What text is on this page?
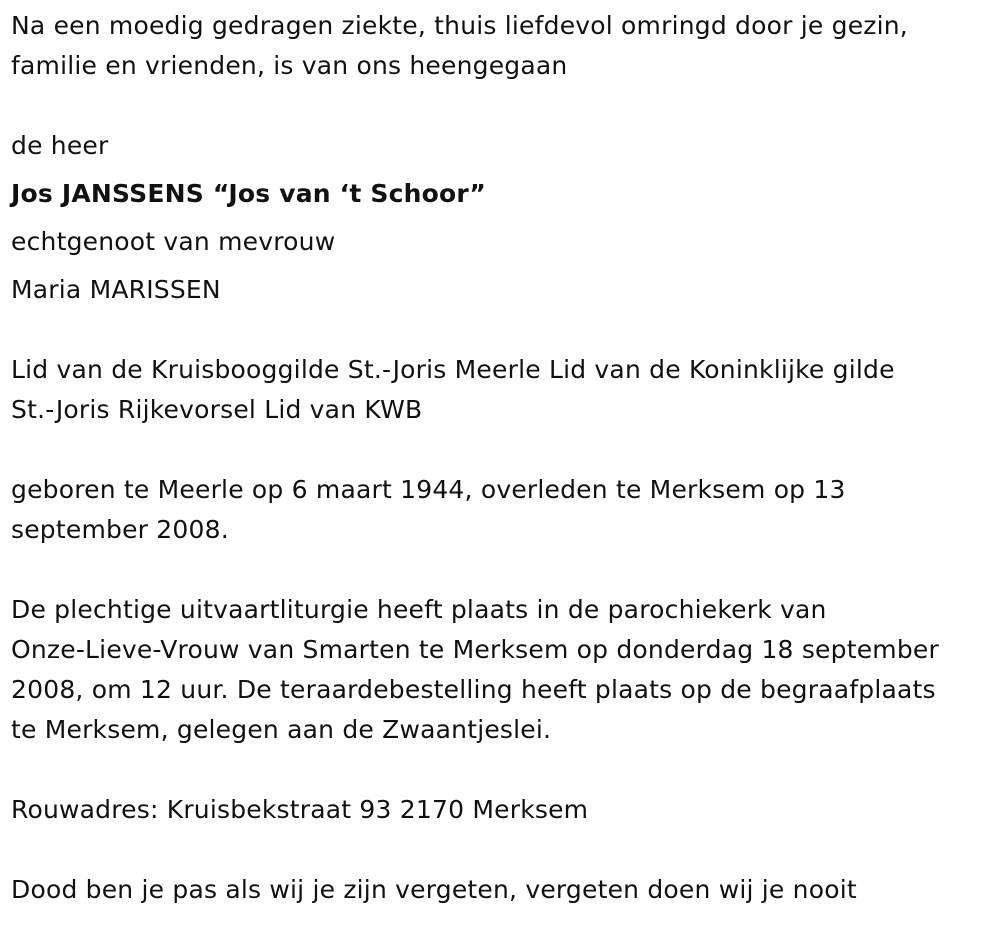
Na een moedig gedragen ziekte, thuis liefdevol omringd door je gezin,
familie en vrienden, is van ons heengegaan
de heer
Jos JANSSENS “Jos van ‘t Schoor”
echtgenoot van mevrouw
Maria MARISSEN
Lid van de Kruisbooggilde St.-Joris Meerle Lid van de Koninklijke gilde
St.-Joris Rijkevorsel Lid van KWB
geboren te Meerle op 6 maart 1944, overleden te Merksem op 13
september 2008.
De plechtige uitvaartliturgie heeft plaats in de parochiekerk van
Onze-Lieve-Vrouw van Smarten te Merksem op donderdag 18 september
2008, om 12 uur. De teraardebestelling heeft plaats op de begraafplaats
te Merksem, gelegen aan de Zwaantjeslei.
Rouwadres: Kruisbekstraat 93 2170 Merksem
Dood ben je pas als wij je zijn vergeten, vergeten doen wij je nooit
